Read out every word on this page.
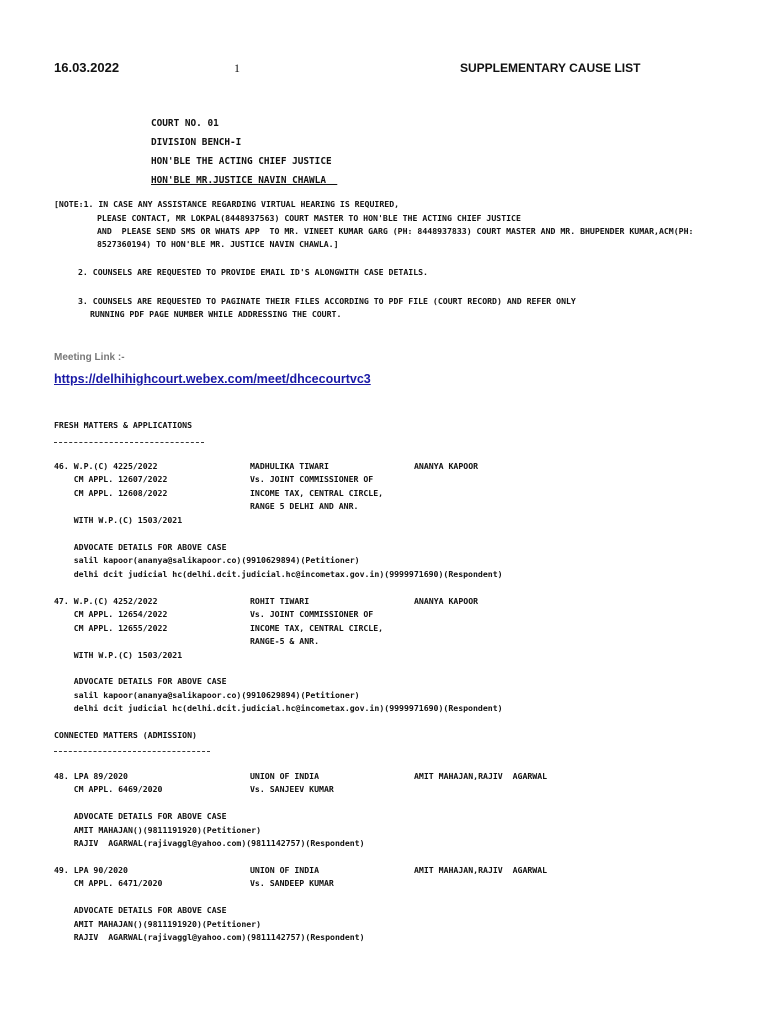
16.03.2022	1	SUPPLEMENTARY CAUSE LIST
COURT NO. 01
DIVISION BENCH-I
HON'BLE THE ACTING CHIEF JUSTICE
HON'BLE MR.JUSTICE NAVIN CHAWLA
[NOTE:1. IN CASE ANY ASSISTANCE REGARDING VIRTUAL HEARING IS REQUIRED,
PLEASE CONTACT, MR LOKPAL(8448937563) COURT MASTER TO HON'BLE THE ACTING CHIEF JUSTICE
AND  PLEASE SEND SMS OR WHATS APP  TO MR. VINEET KUMAR GARG (PH: 8448937833) COURT MASTER AND MR. BHUPENDER KUMAR,ACM(PH:
8527360194) TO HON'BLE MR. JUSTICE NAVIN CHAWLA.]
2. COUNSELS ARE REQUESTED TO PROVIDE EMAIL ID'S ALONGWITH CASE DETAILS.
3. COUNSELS ARE REQUESTED TO PAGINATE THEIR FILES ACCORDING TO PDF FILE (COURT RECORD) AND REFER ONLY
RUNNING PDF PAGE NUMBER WHILE ADDRESSING THE COURT.
Meeting Link :-
https://delhihighcourt.webex.com/meet/dhcecourtvc3
FRESH MATTERS & APPLICATIONS
46. W.P.(C) 4225/2022	MADHULIKA TIWARI	ANANYA KAPOOR
CM APPL. 12607/2022	Vs. JOINT COMMISSIONER OF
CM APPL. 12608/2022	INCOME TAX, CENTRAL CIRCLE,
RANGE 5 DELHI AND ANR.
WITH W.P.(C) 1503/2021
ADVOCATE DETAILS FOR ABOVE CASE
salil kapoor(ananya@salikapoor.co)(9910629894)(Petitioner)
delhi dcit judicial hc(delhi.dcit.judicial.hc@incometax.gov.in)(9999971690)(Respondent)
47. W.P.(C) 4252/2022	ROHIT TIWARI	ANANYA KAPOOR
CM APPL. 12654/2022	Vs. JOINT COMMISSIONER OF
CM APPL. 12655/2022	INCOME TAX, CENTRAL CIRCLE,
RANGE-5 & ANR.
WITH W.P.(C) 1503/2021
ADVOCATE DETAILS FOR ABOVE CASE
salil kapoor(ananya@salikapoor.co)(9910629894)(Petitioner)
delhi dcit judicial hc(delhi.dcit.judicial.hc@incometax.gov.in)(9999971690)(Respondent)
CONNECTED MATTERS (ADMISSION)
48. LPA 89/2020	UNION OF INDIA	AMIT MAHAJAN,RAJIV  AGARWAL
CM APPL. 6469/2020	Vs. SANJEEV KUMAR
ADVOCATE DETAILS FOR ABOVE CASE
AMIT MAHAJAN()(9811191920)(Petitioner)
RAJIV  AGARWAL(rajivaggl@yahoo.com)(9811142757)(Respondent)
49. LPA 90/2020	UNION OF INDIA	AMIT MAHAJAN,RAJIV  AGARWAL
CM APPL. 6471/2020	Vs. SANDEEP KUMAR
ADVOCATE DETAILS FOR ABOVE CASE
AMIT MAHAJAN()(9811191920)(Petitioner)
RAJIV  AGARWAL(rajivaggl@yahoo.com)(9811142757)(Respondent)
